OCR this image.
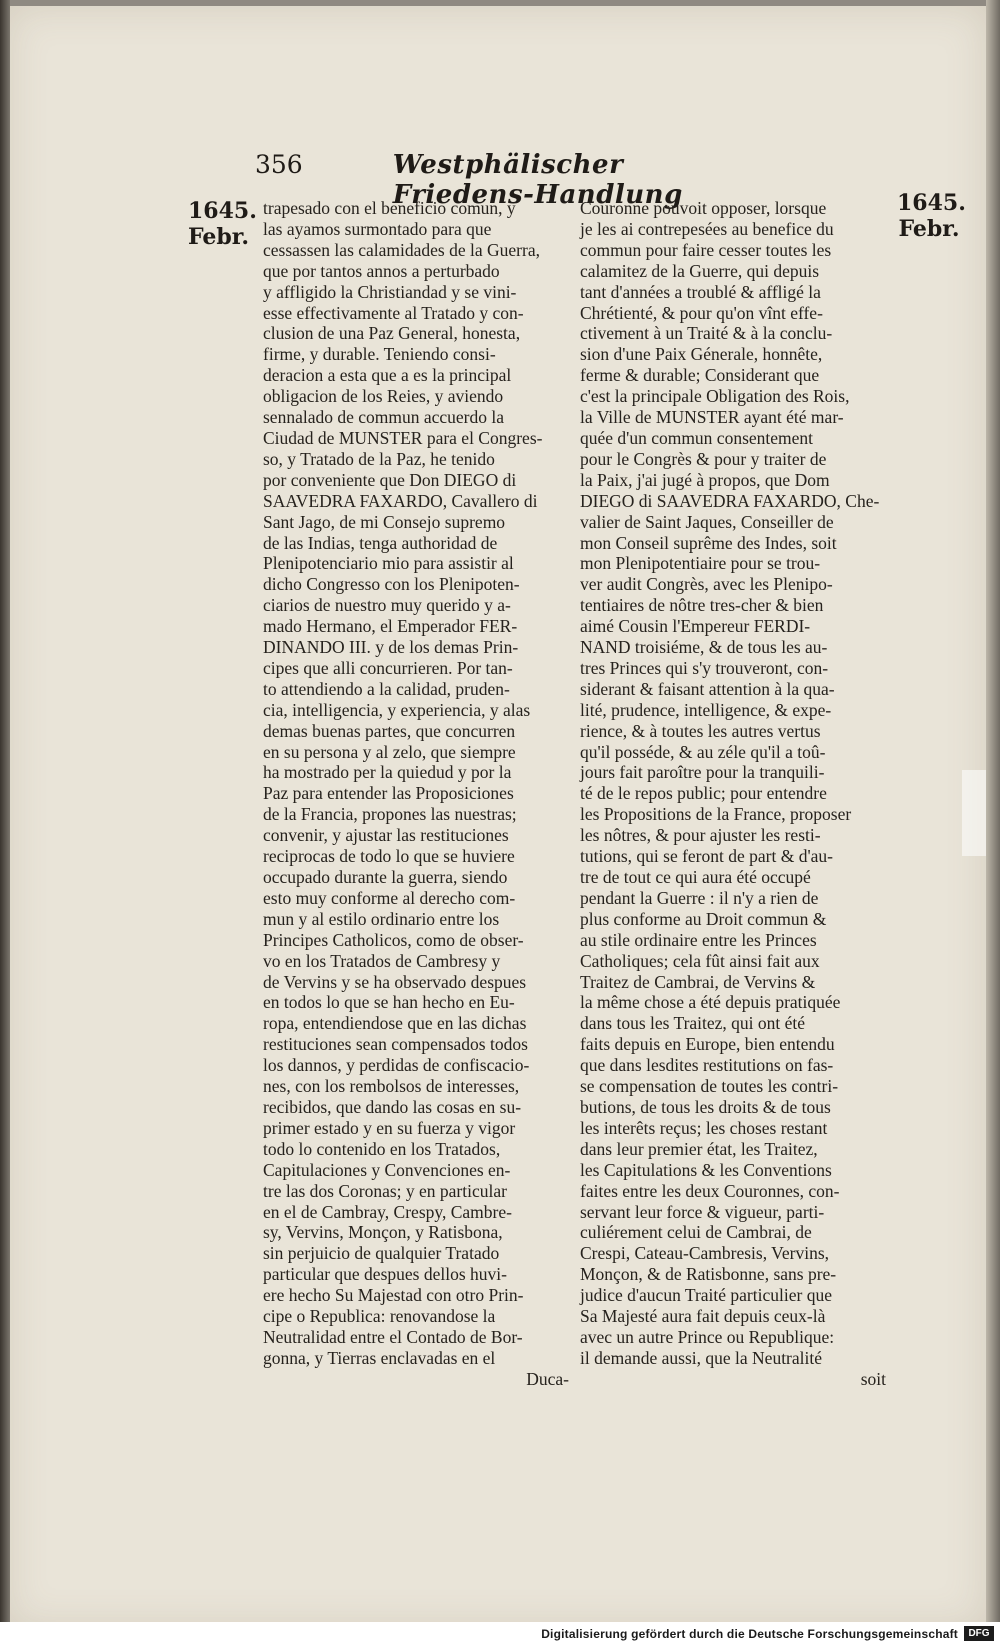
356	Westphälischer Friedens-Handlung
1645.
Febr.
1645.
Febr.
trapesado con el beneficio comun, y
las ayamos surmontado para que
cessassen las calamidades de la Guerra,
que por tantos annos a perturbado
y affligido la Christiandad y se vini-
esse effectivamente al Tratado y con-
clusion de una Paz General, honesta,
firme, y durable. Teniendo consi-
deracion a esta que a es la principal
obligacion de los Reies, y aviendo
sennalado de commun accuerdo la
Ciudad de MUNSTER para el Congres-
so, y Tratado de la Paz, he tenido
por conveniente que Don DIEGO di
SAAVEDRA FAXARDO, Cavallero di
Sant Jago, de mi Consejo supremo
de las Indias, tenga authoridad de
Plenipotenciario mio para assistir al
dicho Congresso con los Plenipoten-
ciarios de nuestro muy querido y a-
mado Hermano, el Emperador FER-
DINANDO III. y de los demas Prin-
cipes que alli concurrieren. Por tan-
to attendiendo a la calidad, pruden-
cia, intelligencia, y experiencia, y alas
demas buenas partes, que concurren
en su persona y al zelo, que siempre
ha mostrado per la quiedud y por la
Paz para entender las Proposiciones
de la Francia, propones las nuestras;
convenir, y ajustar las restituciones
reciprocas de todo lo que se huviere
occupado durante la guerra, siendo
esto muy conforme al derecho com-
mun y al estilo ordinario entre los
Principes Catholicos, como de obser-
vo en los Tratados de Cambresy y
de Vervins y se ha observado despues
en todos lo que se han hecho en Eu-
ropa, entendiendose que en las dichas
restituciones sean compensados todos
los dannos, y perdidas de confiscacio-
nes, con los rembolsos de interesses,
recibidos, que dando las cosas en su-
primer estado y en su fuerza y vigor
todo lo contenido en los Tratados,
Capitulaciones y Convenciones en-
tre las dos Coronas; y en particular
en el de Cambray, Crespy, Cambre-
sy, Vervins, Monçon, y Ratisbona,
sin perjuicio de qualquier Tratado
particular que despues dellos huvi-
ere hecho Su Majestad con otro Prin-
cipe o Republica: renovandose la
Neutralidad entre el Contado de Bor-
gonna, y Tierras enclavadas en el
Duca-
Couronne pouvoit opposer, lorsque
je les ai contrepesées au benefice du
commun pour faire cesser toutes les
calamitez de la Guerre, qui depuis
tant d'années a troublé & affligé la
Chrétienté, & pour qu'on vînt effe-
ctivement à un Traité & à la conclu-
sion d'une Paix Génerale, honnête,
ferme & durable; Considerant que
c'est la principale Obligation des Rois,
la Ville de MUNSTER ayant été mar-
quée d'un commun consentement
pour le Congrès & pour y traiter de
la Paix, j'ai jugé à propos, que Dom
DIEGO di SAAVEDRA FAXARDO, Che-
valier de Saint Jaques, Conseiller de
mon Conseil suprême des Indes, soit
mon Plenipotentiaire pour se trou-
ver audit Congrès, avec les Plenipo-
tentiaires de nôtre tres-cher & bien
aimé Cousin l'Empereur FERDI-
NAND troisiéme, & de tous les au-
tres Princes qui s'y trouveront, con-
siderant & faisant attention à la qua-
lité, prudence, intelligence, & expe-
rience, & à toutes les autres vertus
qu'il posséde, & au zéle qu'il a toû-
jours fait paroître pour la tranquili-
té de le repos public; pour entendre
les Propositions de la France, proposer
les nôtres, & pour ajuster les resti-
tutions, qui se feront de part & d'au-
tre de tout ce qui aura été occupé
pendant la Guerre : il n'y a rien de
plus conforme au Droit commun &
au stile ordinaire entre les Princes
Catholiques; cela fût ainsi fait aux
Traitez de Cambrai, de Vervins &
la même chose a été depuis pratiquée
dans tous les Traitez, qui ont été
faits depuis en Europe, bien entendu
que dans lesdites restitutions on fas-
se compensation de toutes les contri-
butions, de tous les droits & de tous
les interêts reçus; les choses restant
dans leur premier état, les Traitez,
les Capitulations & les Conventions
faites entre les deux Couronnes, con-
servant leur force & vigueur, parti-
culiérement celui de Cambrai, de
Crespi, Cateau-Cambresis, Vervins,
Monçon, & de Ratisbonne, sans pre-
judice d'aucun Traité particulier que
Sa Majesté aura fait depuis ceux-là
avec un autre Prince ou Republique:
il demande aussi, que la Neutralité
soit
Digitalisierung gefördert durch die Deutsche Forschungsgemeinschaft	DFG
